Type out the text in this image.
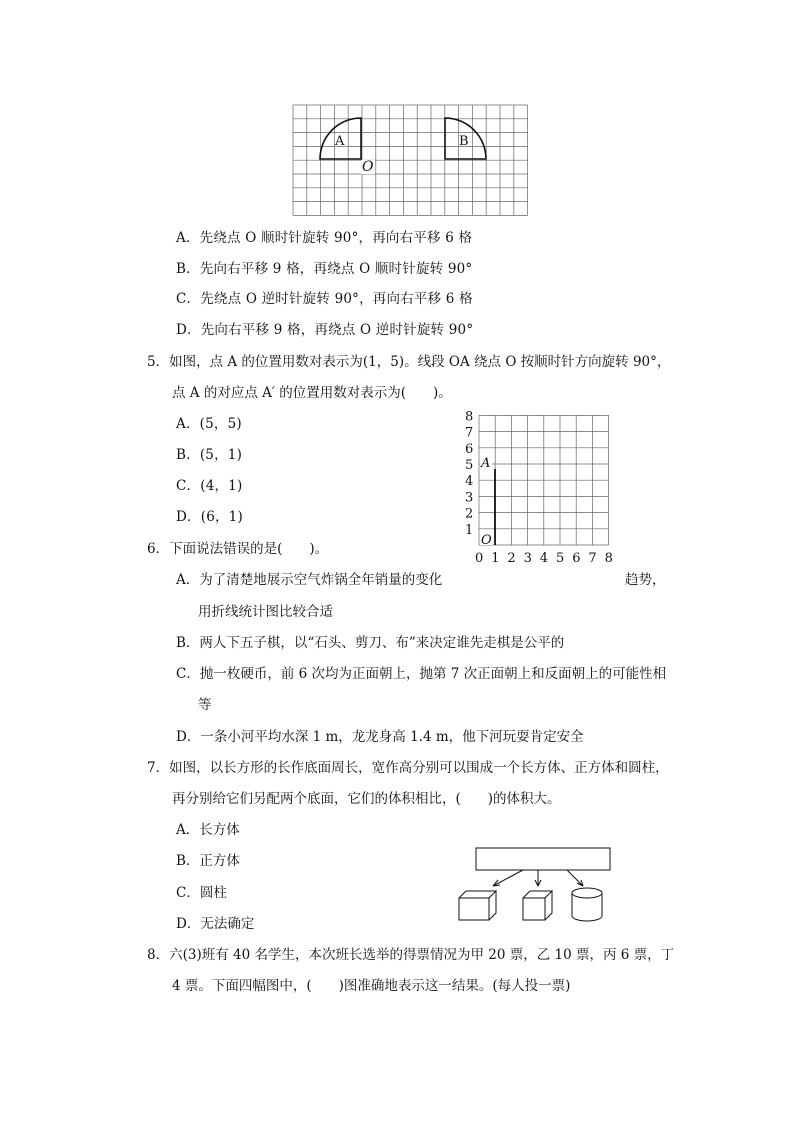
A	B
O
A．先绕点 O 顺时针旋转 90°，再向右平移 6 格
B．先向右平移 9 格，再绕点 O 顺时针旋转 90°
C．先绕点 O 逆时针旋转 90°，再向右平移 6 格
D．先向右平移 9 格，再绕点 O 逆时针旋转 90°
5．如图，点 A 的位置用数对表示为(1，5)。线段 OA 绕点 O 按顺时针方向旋转 90°，
点 A 的对应点 A′ 的位置用数对表示为(　　)。
A．(5，5)
B．(5，1)
C．(4，1)
D．(6，1)
8
7
6
5
4
3
2
1
0 1 2 3 4 5 6 7 8
A
O
6．下面说法错误的是(　　)。
A．为了清楚地展示空气炸锅全年销量的变化	趋势，
用折线统计图比较合适
B．两人下五子棋，以“石头、剪刀、布”来决定谁先走棋是公平的
C．抛一枚硬币，前 6 次均为正面朝上，抛第 7 次正面朝上和反面朝上的可能性相
等
D．一条小河平均水深 1 m，龙龙身高 1.4 m，他下河玩耍肯定安全
7．如图，以长方形的长作底面周长，宽作高分别可以围成一个长方体、正方体和圆柱，
再分别给它们另配两个底面，它们的体积相比，(　　)的体积大。
A．长方体
B．正方体
C．圆柱
D．无法确定
8．六(3)班有 40 名学生，本次班长选举的得票情况为甲 20 票，乙 10 票，丙 6 票，丁
4 票。下面四幅图中，(　　)图准确地表示这一结果。(每人投一票)
